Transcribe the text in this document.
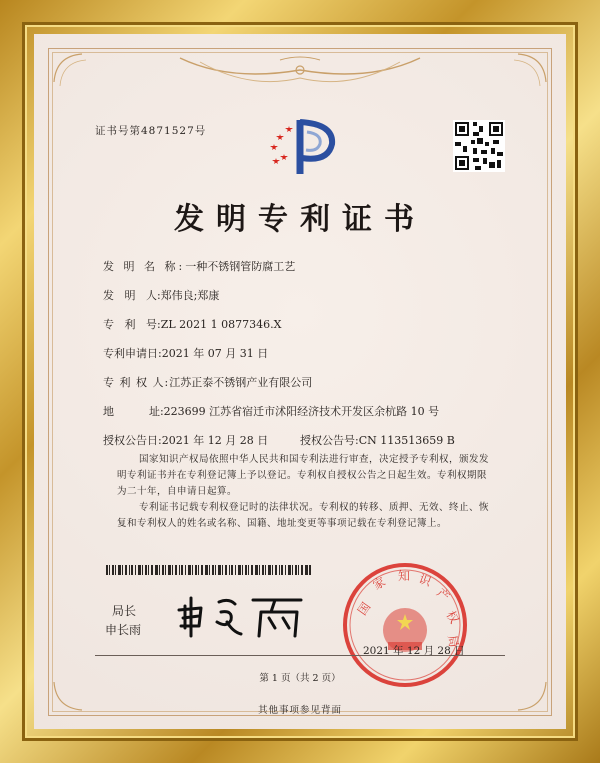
证书号第4871527号
发明专利证书
发 明 名 称:一种不锈钢管防腐工艺
发   明   人:郑伟良;郑康
专   利   号:ZL 2021 1 0877346.X
专利申请日:2021 年 07 月 31 日
专 利 权 人:江苏正泰不锈钢产业有限公司
地          址:223699 江苏省宿迁市沭阳经济技术开发区余杭路 10 号
授权公告日:2021 年 12 月 28 日	授权公告号:CN 113513659 B
国家知识产权局依照中华人民共和国专利法进行审查，决定授予专利权，颁发发明专利证书并在专利登记簿上予以登记。专利权自授权公告之日起生效。专利权期限为二十年，自申请日起算。
专利证书记载专利权登记时的法律状况。专利权的转移、质押、无效、终止、恢复和专利权人的姓名或名称、国籍、地址变更等事项记载在专利登记簿上。
局长
申长雨
国
家 知 识
产
权
局
2021 年 12 月 28 日
第 1 页（共 2 页）
其他事项参见背面
